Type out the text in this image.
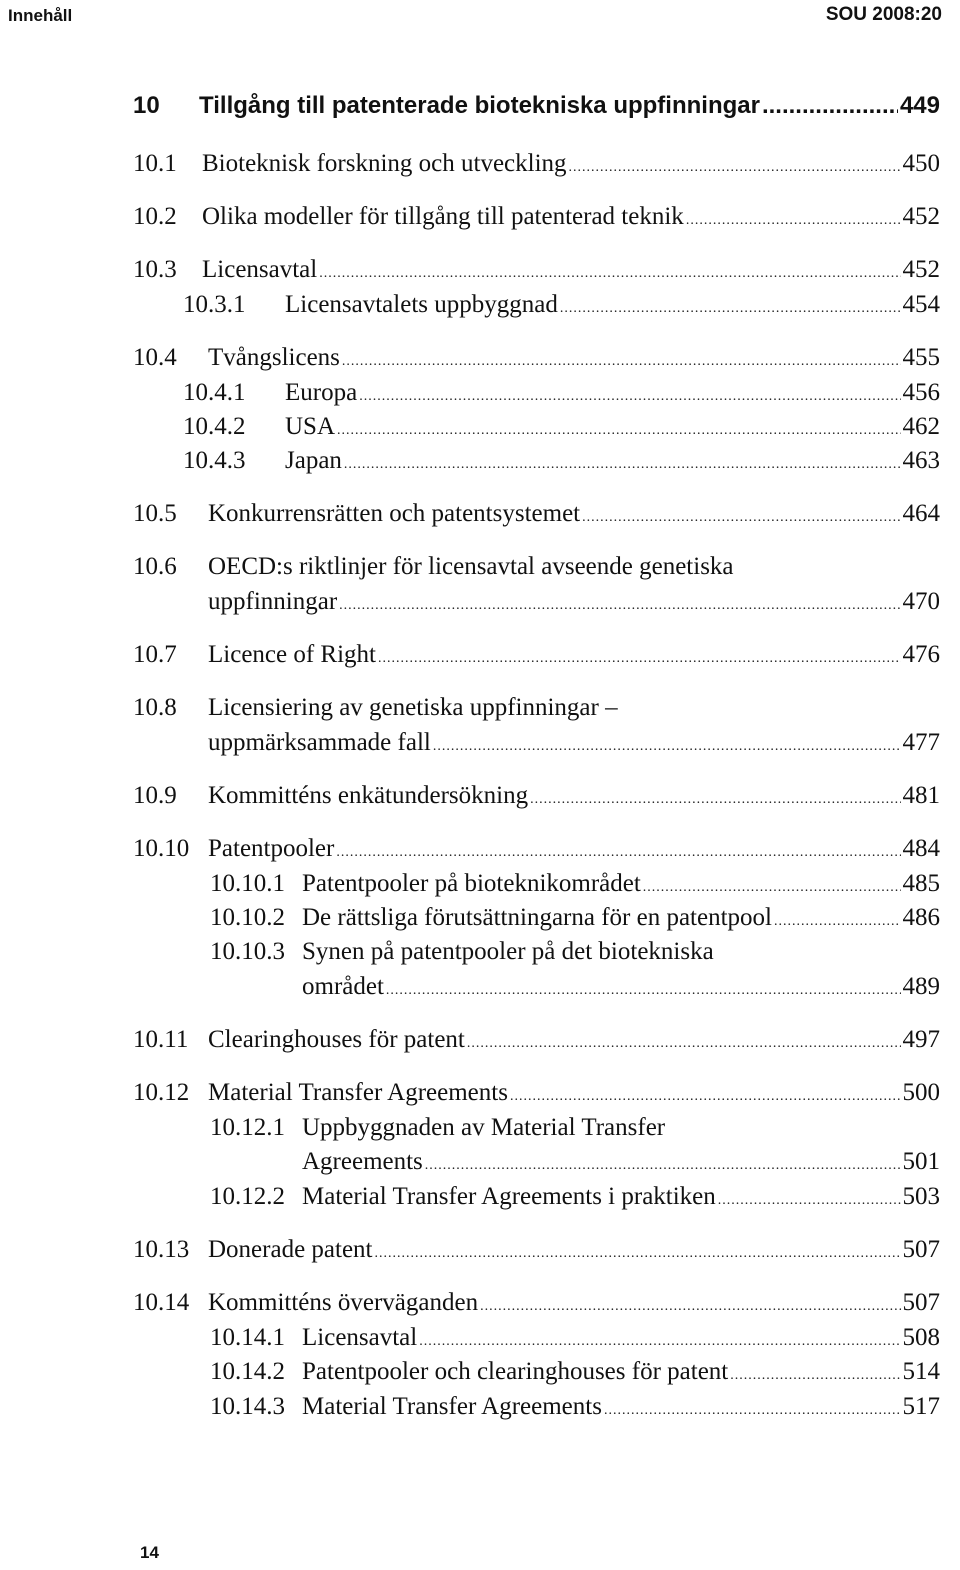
Innehåll	SOU 2008:20
10	Tillgång till patenterade biotekniska uppfinningar .....	449
10.1 Bioteknisk forskning och utveckling .....	450
10.2 Olika modeller för tillgång till patenterad teknik .....	452
10.3 Licensavtal .....	452
10.3.1 Licensavtalets uppbyggnad .....	454
10.4 Tvångslicens .....	455
10.4.1 Europa .....	456
10.4.2 USA .....	462
10.4.3 Japan .....	463
10.5 Konkurrensrätten och patentsystemet .....	464
10.6 OECD:s riktlinjer för licensavtal avseende genetiska
uppfinningar .....	470
10.7 Licence of Right .....	476
10.8 Licensiering av genetiska uppfinningar –
uppmärksammade fall .....	477
10.9 Kommitténs enkätundersökning .....	481
10.10 Patentpooler .....	484
10.10.1 Patentpooler på bioteknikområdet .....	485
10.10.2 De rättsliga förutsättningarna för en patentpool .....	486
10.10.3 Synen på patentpooler på det biotekniska
området .....	489
10.11 Clearinghouses för patent .....	497
10.12 Material Transfer Agreements .....	500
10.12.1 Uppbyggnaden av Material Transfer
Agreements .....	501
10.12.2 Material Transfer Agreements i praktiken .....	503
10.13 Donerade patent .....	507
10.14 Kommitténs överväganden .....	507
10.14.1 Licensavtal .....	508
10.14.2 Patentpooler och clearinghouses för patent .....	514
10.14.3 Material Transfer Agreements .....	517
14
